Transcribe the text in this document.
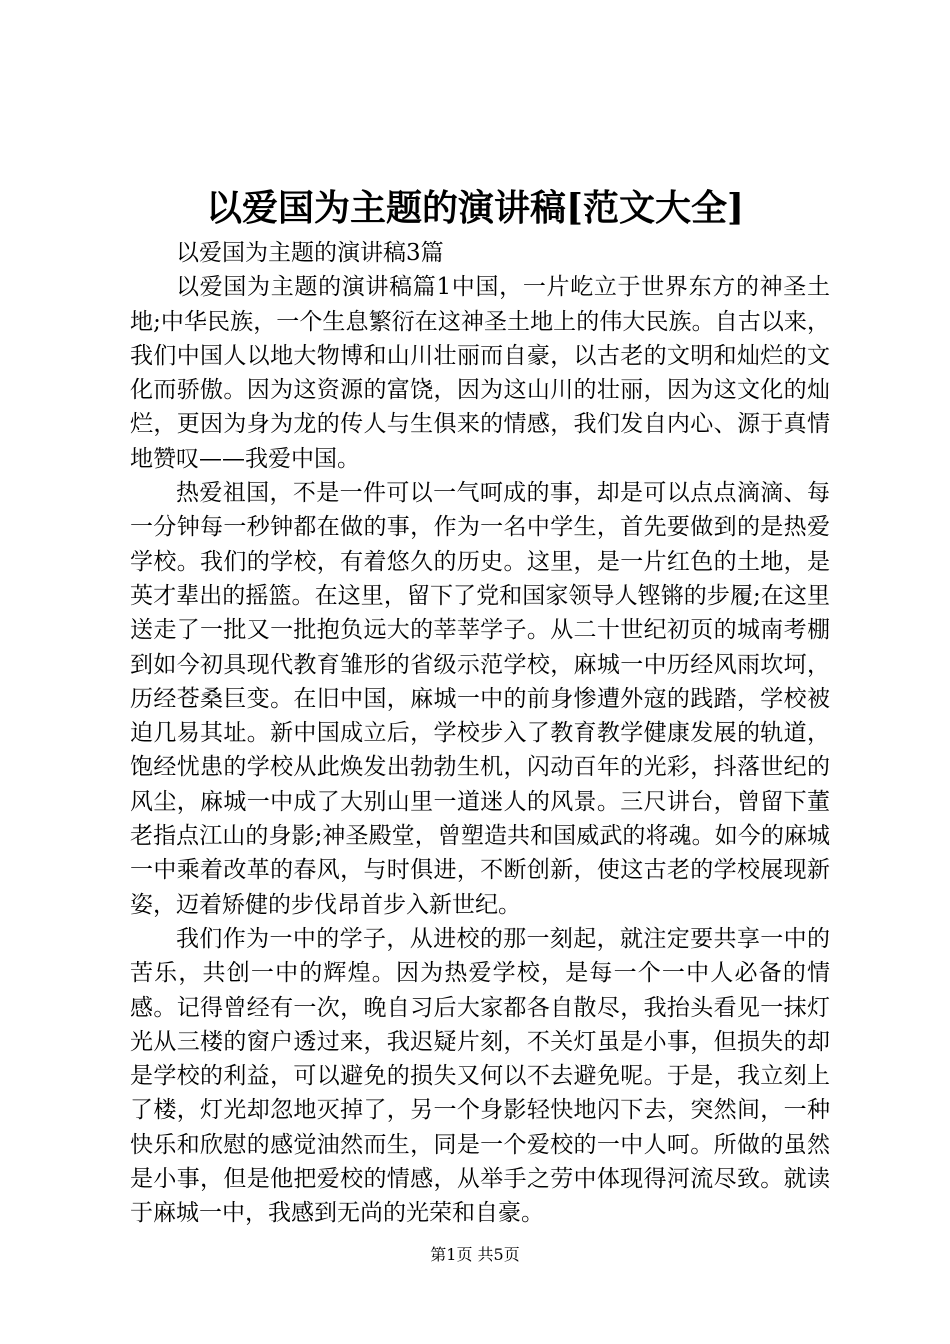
以爱国为主题的演讲稿[范文大全]

以爱国为主题的演讲稿3篇

以爱国为主题的演讲稿篇1中国，一片屹立于世界东方的神圣土地;中华民族，一个生息繁衍在这神圣土地上的伟大民族。自古以来，我们中国人以地大物博和山川壮丽而自豪，以古老的文明和灿烂的文化而骄傲。因为这资源的富饶，因为这山川的壮丽，因为这文化的灿烂，更因为身为龙的传人与生俱来的情感，我们发自内心、源于真情地赞叹——我爱中国。

热爱祖国，不是一件可以一气呵成的事，却是可以点点滴滴、每一分钟每一秒钟都在做的事，作为一名中学生，首先要做到的是热爱学校。我们的学校，有着悠久的历史。这里，是一片红色的土地，是英才辈出的摇篮。在这里，留下了党和国家领导人铿锵的步履;在这里送走了一批又一批抱负远大的莘莘学子。从二十世纪初页的城南考棚到如今初具现代教育雏形的省级示范学校，麻城一中历经风雨坎坷，历经苍桑巨变。在旧中国，麻城一中的前身惨遭外寇的践踏，学校被迫几易其址。新中国成立后，学校步入了教育教学健康发展的轨道，饱经忧患的学校从此焕发出勃勃生机，闪动百年的光彩，抖落世纪的风尘，麻城一中成了大别山里一道迷人的风景。三尺讲台，曾留下董老指点江山的身影;神圣殿堂，曾塑造共和国威武的将魂。如今的麻城一中乘着改革的春风，与时俱进，不断创新，使这古老的学校展现新姿，迈着矫健的步伐昂首步入新世纪。

我们作为一中的学子，从进校的那一刻起，就注定要共享一中的苦乐，共创一中的辉煌。因为热爱学校，是每一个一中人必备的情感。记得曾经有一次，晚自习后大家都各自散尽，我抬头看见一抹灯光从三楼的窗户透过来，我迟疑片刻，不关灯虽是小事，但损失的却是学校的利益，可以避免的损失又何以不去避免呢。于是，我立刻上了楼，灯光却忽地灭掉了，另一个身影轻快地闪下去，突然间，一种快乐和欣慰的感觉油然而生，同是一个爱校的一中人呵。所做的虽然是小事，但是他把爱校的情感，从举手之劳中体现得河流尽致。就读于麻城一中，我感到无尚的光荣和自豪。

第1页 共5页
